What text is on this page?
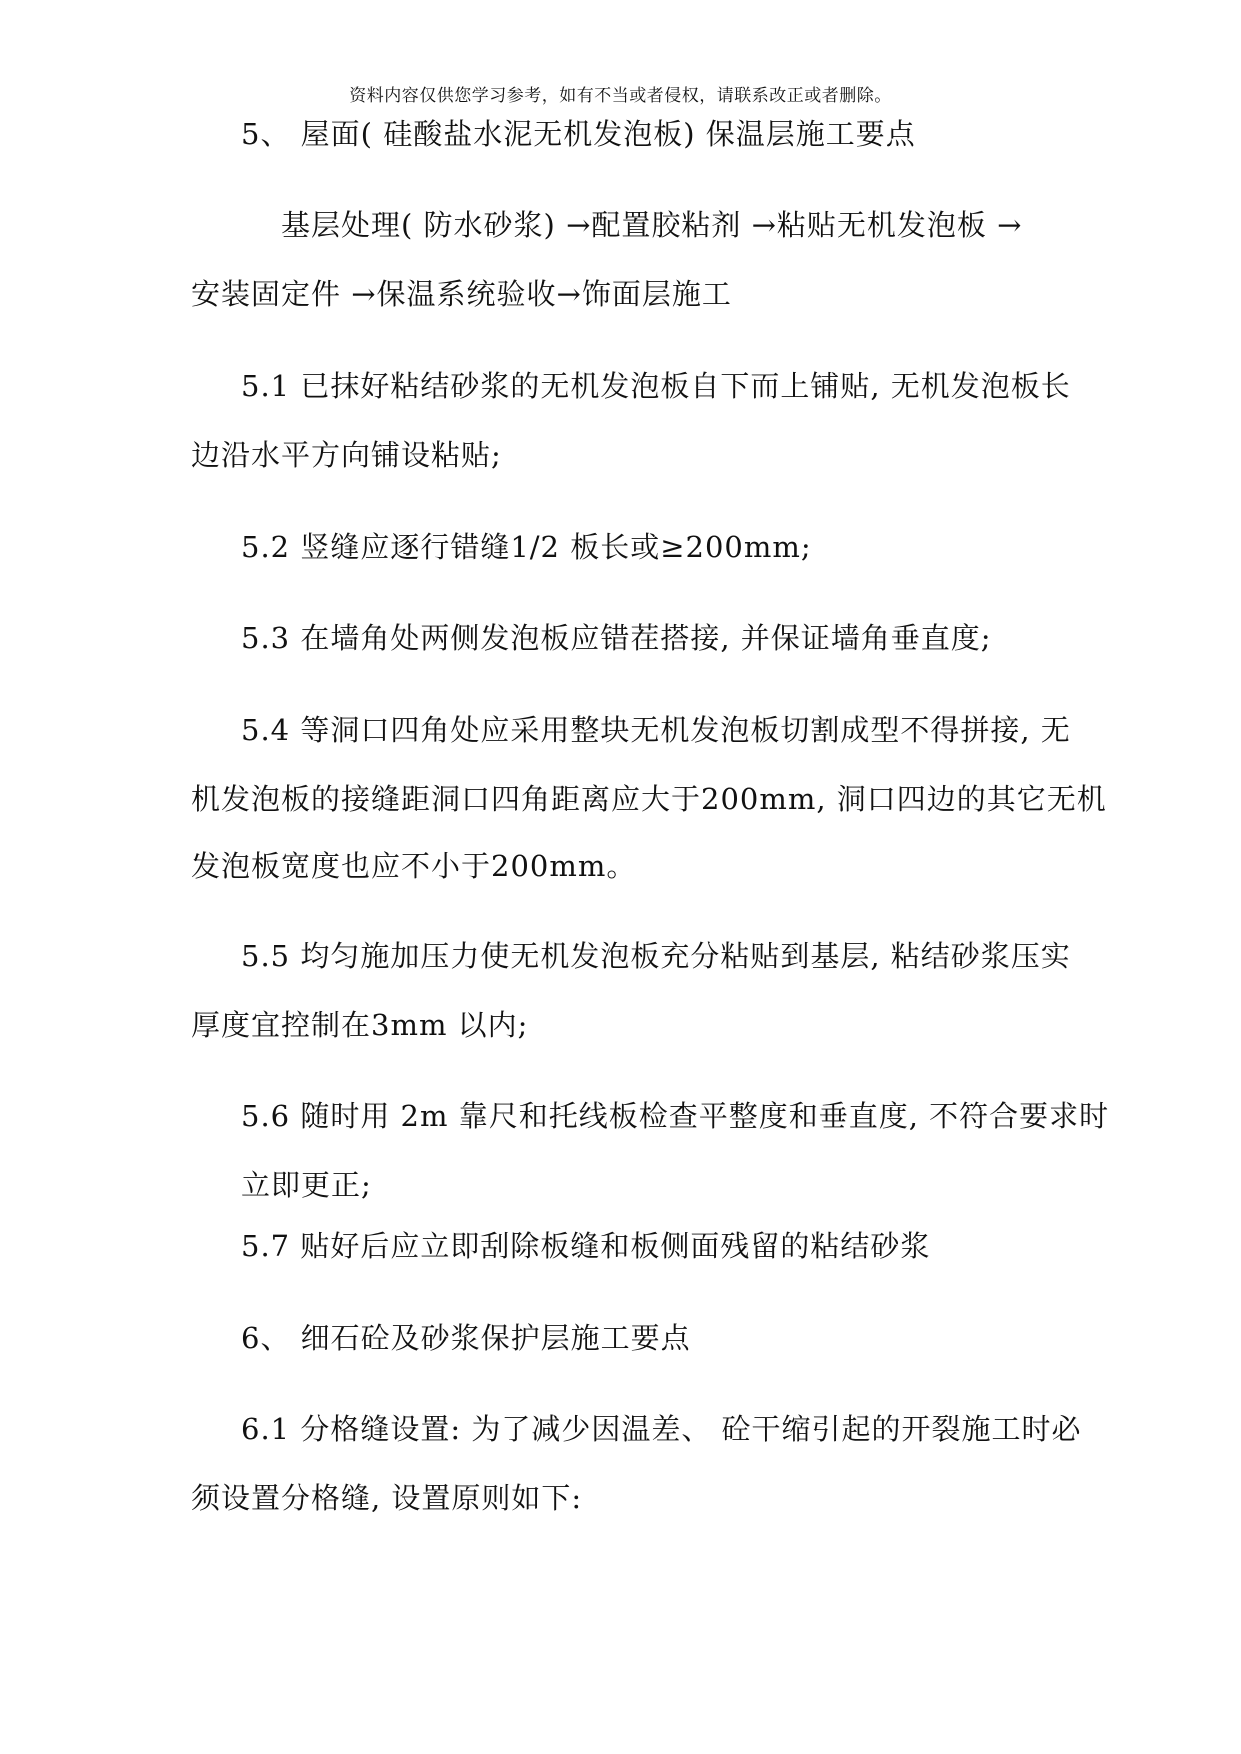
资料内容仅供您学习参考，如有不当或者侵权，请联系改正或者删除。
5、 屋面( 硅酸盐水泥无机发泡板) 保温层施工要点
基层处理( 防水砂浆) →配置胶粘剂 →粘贴无机发泡板 →
安装固定件 →保温系统验收→饰面层施工
5.1 已抹好粘结砂浆的无机发泡板自下而上铺贴, 无机发泡板长
边沿水平方向铺设粘贴;
5.2 竖缝应逐行错缝1/2 板长或≥200mm;
5.3 在墙角处两侧发泡板应错茬搭接, 并保证墙角垂直度;
5.4 等洞口四角处应采用整块无机发泡板切割成型不得拼接, 无
机发泡板的接缝距洞口四角距离应大于200mm, 洞口四边的其它无机
发泡板宽度也应不小于200mm。
5.5 均匀施加压力使无机发泡板充分粘贴到基层, 粘结砂浆压实
厚度宜控制在3mm 以内;
5.6 随时用 2m 靠尺和托线板检查平整度和垂直度, 不符合要求时
立即更正;
5.7 贴好后应立即刮除板缝和板侧面残留的粘结砂浆
6、 细石砼及砂浆保护层施工要点
6.1 分格缝设置: 为了减少因温差、 砼干缩引起的开裂施工时必
须设置分格缝, 设置原则如下:
